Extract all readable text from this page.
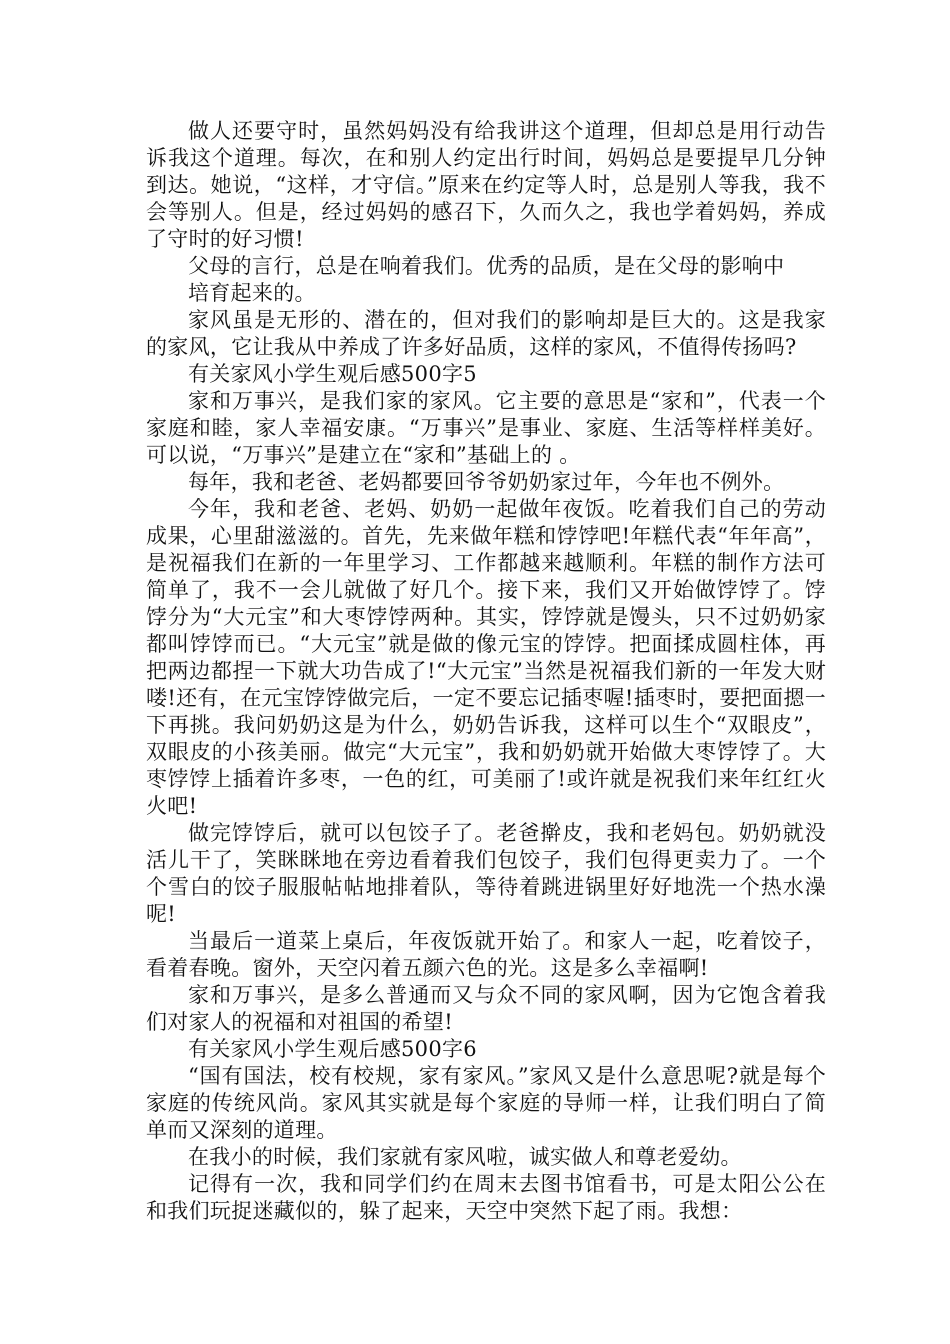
做人还要守时，虽然妈妈没有给我讲这个道理，但却总是用行动告诉我这个道理。每次，在和别人约定出行时间，妈妈总是要提早几分钟到达。她说，“这样，才守信。”原来在约定等人时，总是别人等我，我不会等别人。但是，经过妈妈的感召下，久而久之，我也学着妈妈，养成了守时的好习惯!

父母的言行，总是在响着我们。优秀的品质，是在父母的影响中

培育起来的。

家风虽是无形的、潜在的，但对我们的影响却是巨大的。这是我家的家风，它让我从中养成了许多好品质，这样的家风，不值得传扬吗?

有关家风小学生观后感500字5

家和万事兴，是我们家的家风。它主要的意思是“家和”，代表一个家庭和睦，家人幸福安康。“万事兴”是事业、家庭、生活等样样美好。可以说，“万事兴”是建立在“家和”基础上的 。

每年，我和老爸、老妈都要回爷爷奶奶家过年，今年也不例外。

今年，我和老爸、老妈、奶奶一起做年夜饭。吃着我们自己的劳动成果，心里甜滋滋的。首先，先来做年糕和饽饽吧!年糕代表“年年高”，是祝福我们在新的一年里学习、工作都越来越顺利。年糕的制作方法可简单了，我不一会儿就做了好几个。接下来，我们又开始做饽饽了。饽饽分为“大元宝”和大枣饽饽两种。其实，饽饽就是馒头，只不过奶奶家都叫饽饽而已。“大元宝”就是做的像元宝的饽饽。把面揉成圆柱体，再把两边都捏一下就大功告成了!“大元宝”当然是祝福我们新的一年发大财喽!还有，在元宝饽饽做完后，一定不要忘记插枣喔!插枣时，要把面摁一下再挑。我问奶奶这是为什么，奶奶告诉我，这样可以生个“双眼皮”，双眼皮的小孩美丽。做完“大元宝”，我和奶奶就开始做大枣饽饽了。大枣饽饽上插着许多枣，一色的红，可美丽了!或许就是祝我们来年红红火火吧!

做完饽饽后，就可以包饺子了。老爸擀皮，我和老妈包。奶奶就没活儿干了，笑眯眯地在旁边看着我们包饺子，我们包得更卖力了。一个个雪白的饺子服服帖帖地排着队，等待着跳进锅里好好地洗一个热水澡呢!

当最后一道菜上桌后，年夜饭就开始了。和家人一起，吃着饺子，看着春晚。窗外，天空闪着五颜六色的光。这是多么幸福啊!

家和万事兴，是多么普通而又与众不同的家风啊，因为它饱含着我们对家人的祝福和对祖国的希望!

有关家风小学生观后感500字6

“国有国法，校有校规，家有家风。”家风又是什么意思呢?就是每个家庭的传统风尚。家风其实就是每个家庭的导师一样，让我们明白了简单而又深刻的道理。

在我小的时候，我们家就有家风啦，诚实做人和尊老爱幼。

记得有一次，我和同学们约在周末去图书馆看书，可是太阳公公在和我们玩捉迷藏似的，躲了起来，天空中突然下起了雨。我想：
